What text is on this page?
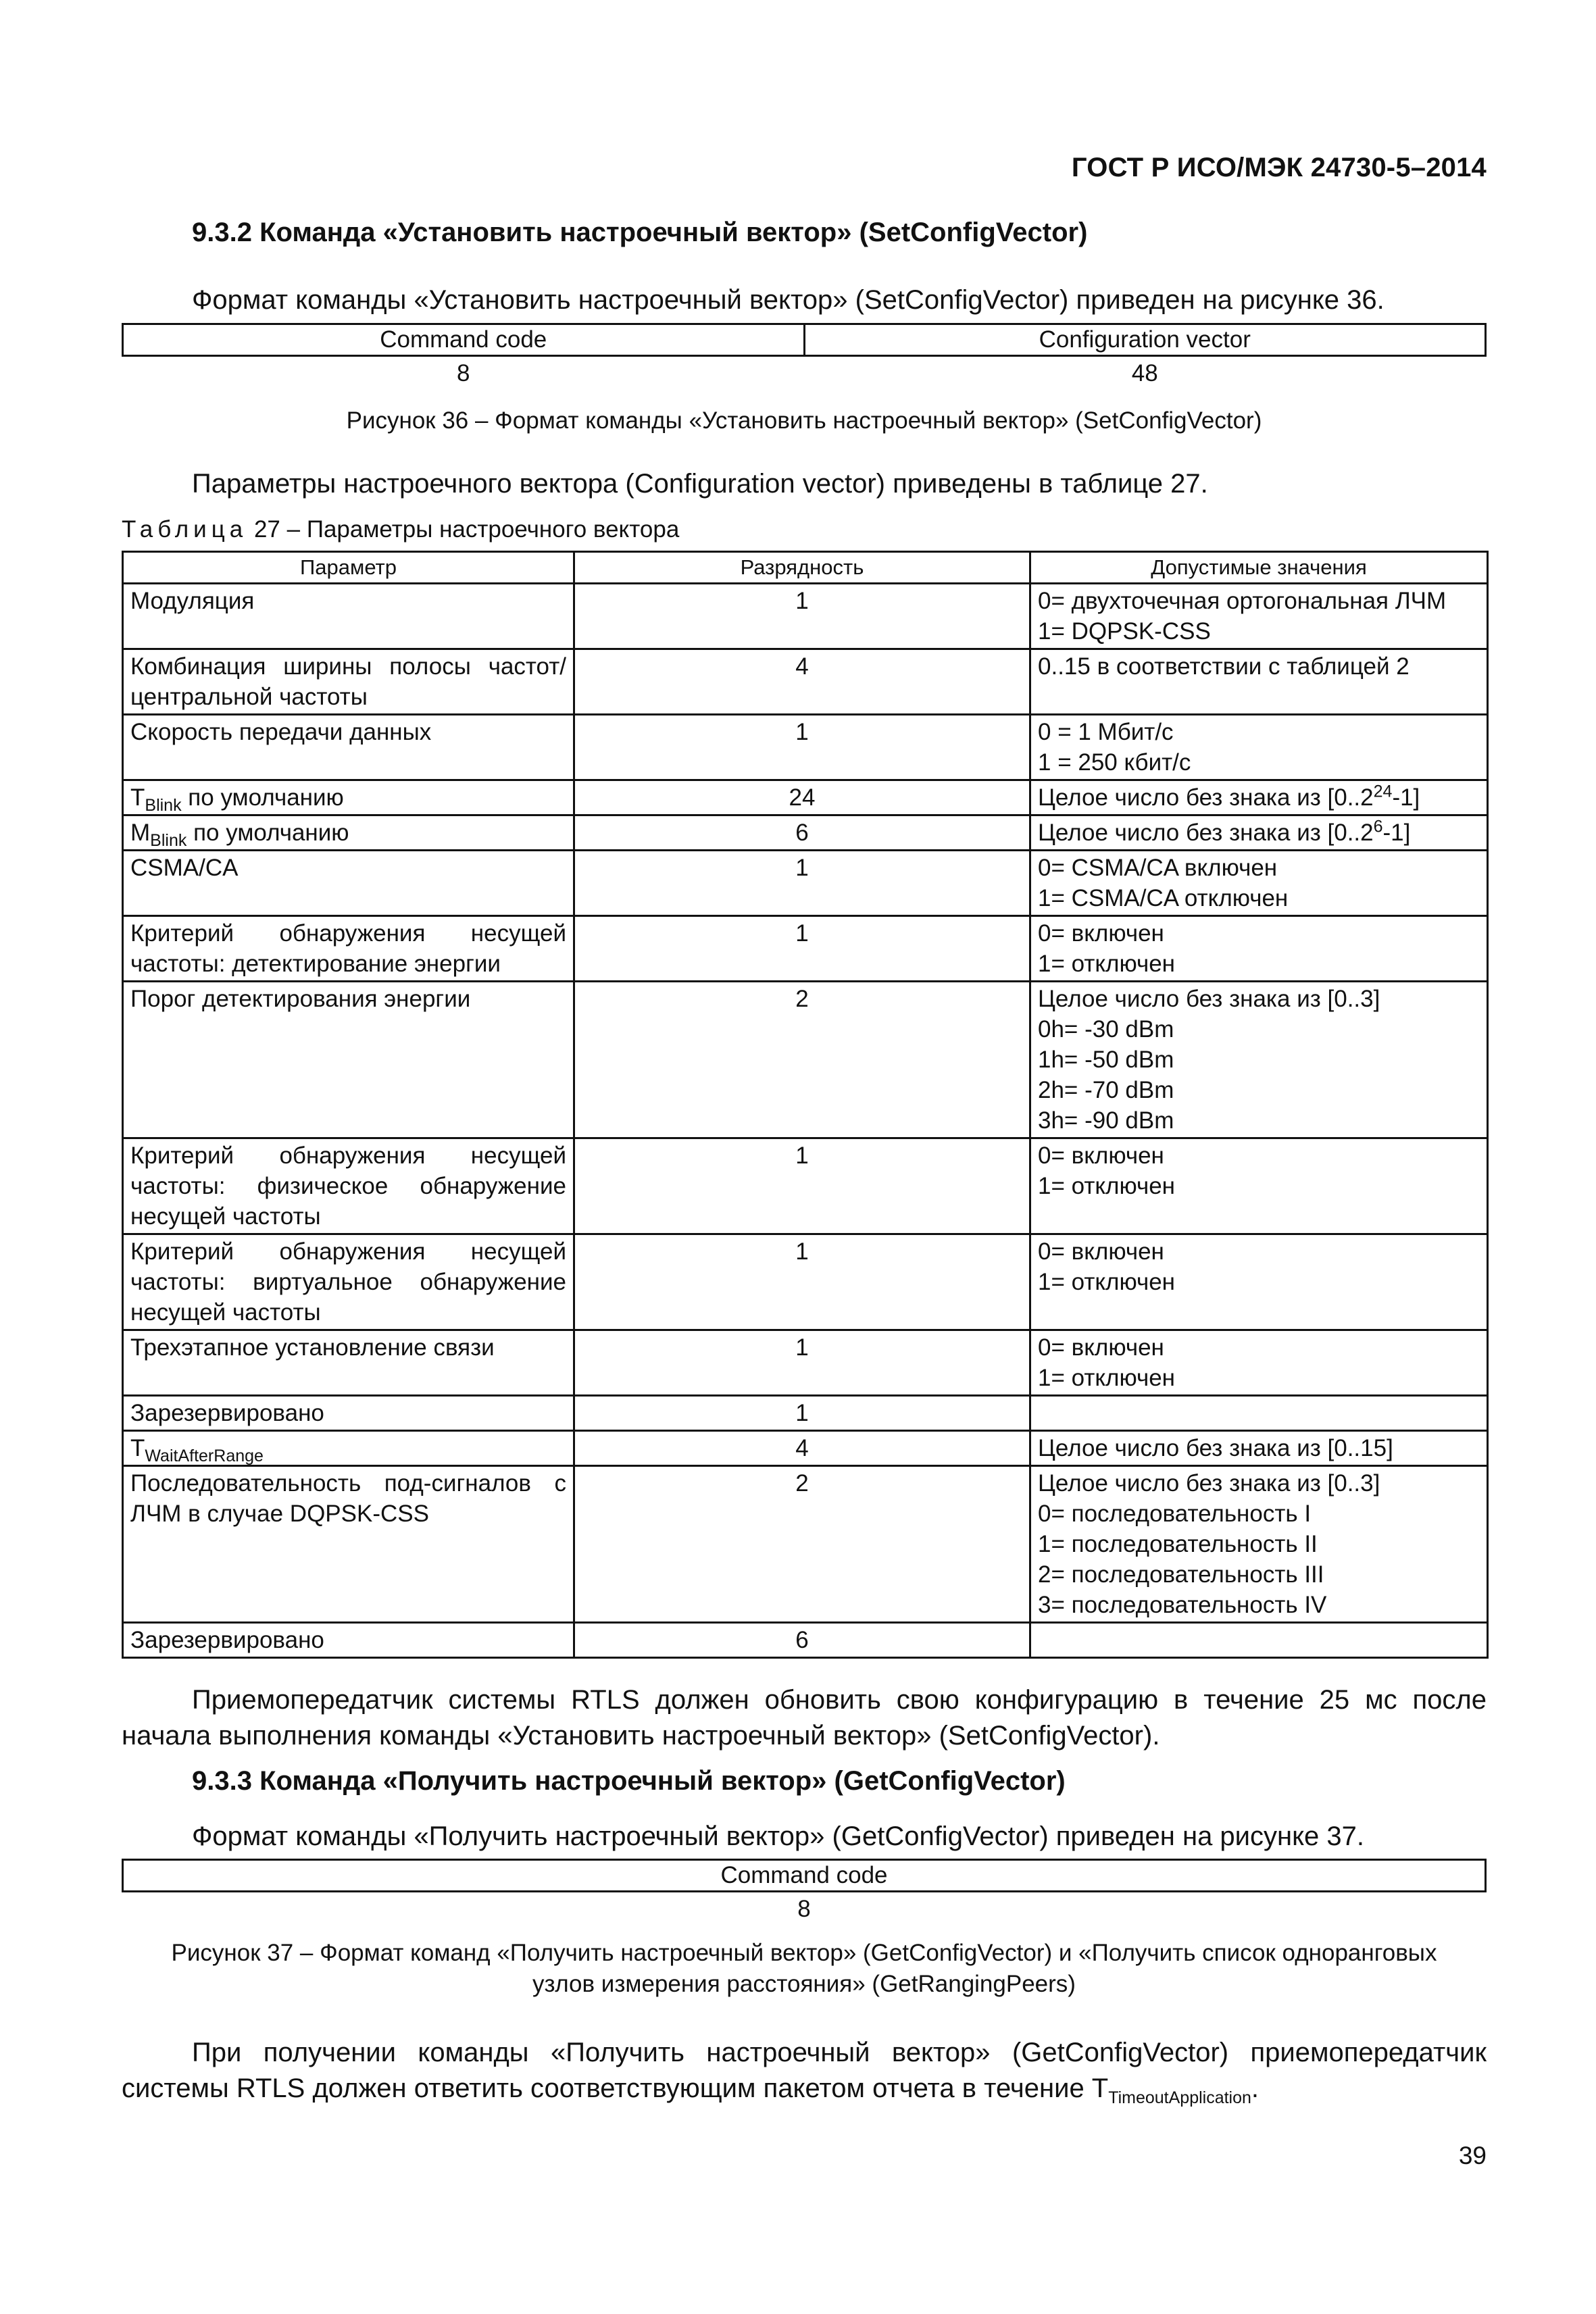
ГОСТ Р ИСО/МЭК 24730-5–2014
9.3.2 Команда «Установить настроечный вектор» (SetConfigVector)
Формат команды «Установить настроечный вектор» (SetConfigVector) приведен на рисунке 36.
Command code	Configuration vector
8	48
Рисунок 36 – Формат команды «Установить настроечный вектор» (SetConfigVector)
Параметры настроечного вектора (Configuration vector) приведены в таблице 27.
Таблица 27 – Параметры настроечного вектора
Параметр	Разрядность	Допустимые значения
Модуляция	1	0= двухточечная ортогональная ЛЧМ
1= DQPSK-CSS

Комбинация ширины полосы частот/ центральной частоты	4	0..15 в соответствии с таблицей 2

Скорость передачи данных	1	0 = 1 Мбит/с
1 = 250 кбит/с

$T_{Blink}$ по умолчанию	24	Целое число без знака из [0..2$^{24}$-1]
$M_{Blink}$ по умолчанию	6	Целое число без знака из [0..2$^6$-1]
CSMA/CA	1	0= CSMA/CA включен
1= CSMA/CA отключен

Критерий обнаружения несущей частоты: детектирование энергии	1	0= включен
1= отключен

Порог детектирования энергии	2	Целое число без знака из [0..3]
0h= -30 dBm
1h= -50 dBm
2h= -70 dBm
3h= -90 dBm

Критерий обнаружения несущей частоты: физическое обнаружение несущей частоты	1	0= включен
1= отключен

Критерий обнаружения несущей частоты: виртуальное обнаружение несущей частоты	1	0= включен
1= отключен

Трехэтапное установление связи	1	0= включен
1= отключен

Зарезервировано	1	

$T_{WaitAfterRange}$	4	Целое число без знака из [0..15]
Последовательность под-сигналов с ЛЧМ в случае DQPSK-CSS	2	Целое число без знака из [0..3]
0= последовательность I
1= последовательность II
2= последовательность III
3= последовательность IV

Зарезервировано	6	
Приемопередатчик системы RTLS должен обновить свою конфигурацию в течение 25 мс после начала выполнения команды «Установить настроечный вектор» (SetConfigVector).
9.3.3 Команда «Получить настроечный вектор» (GetConfigVector)
Формат команды «Получить настроечный вектор» (GetConfigVector) приведен на рисунке 37.
Command code
8
Рисунок 37 – Формат команд «Получить настроечный вектор» (GetConfigVector) и «Получить список одноранговых
узлов измерения расстояния» (GetRangingPeers)
При получении команды «Получить настроечный вектор» (GetConfigVector) приемопередатчик системы RTLS должен ответить соответствующим пакетом отчета в течение $T_{TimeoutApplication}$.
39
